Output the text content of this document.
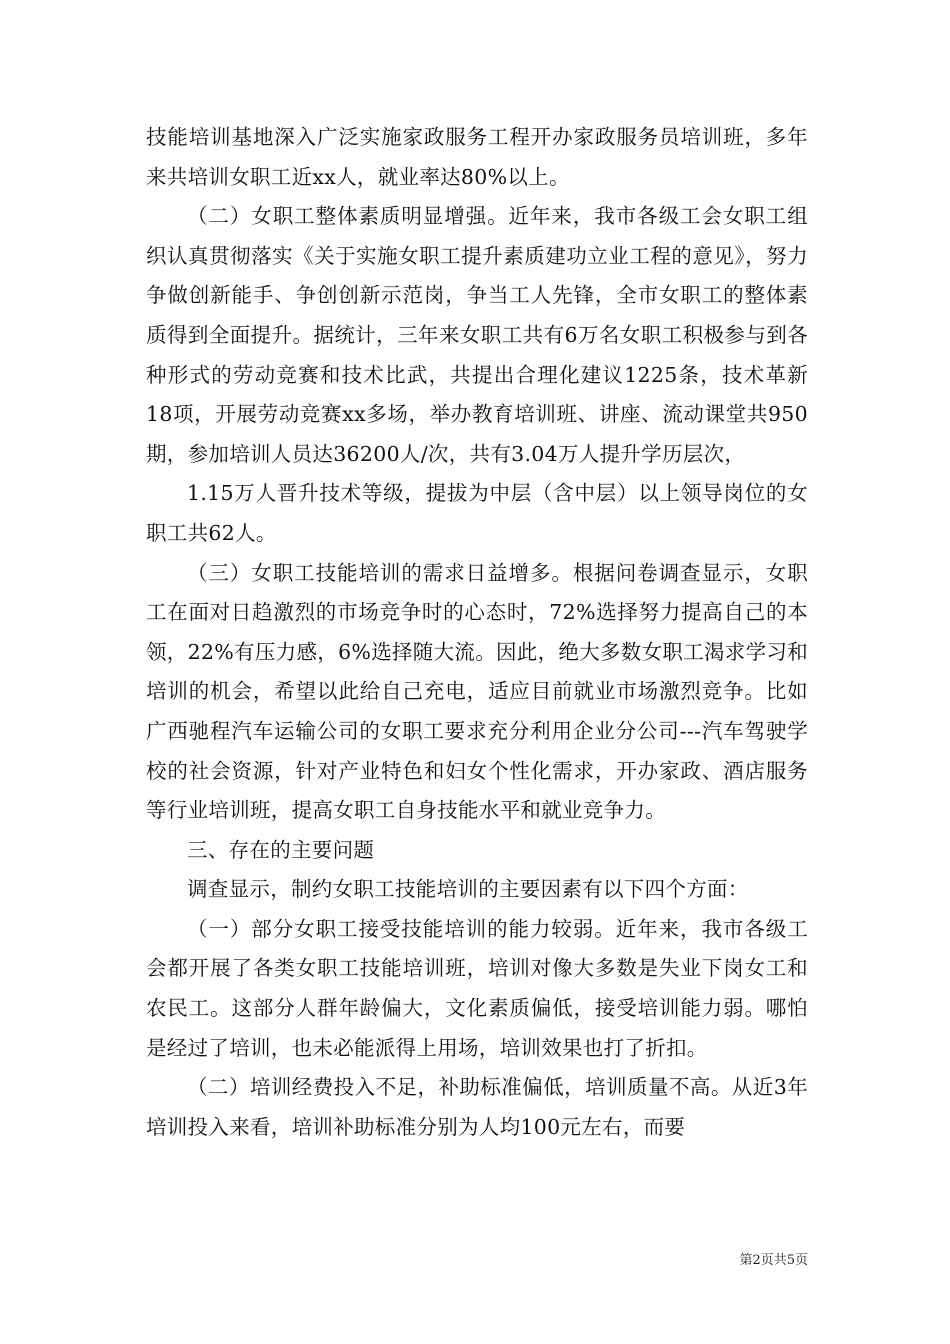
技能培训基地深入广泛实施家政服务工程开办家政服务员培训班，多年来共培训女职工近xx人，就业率达80%以上。

（二）女职工整体素质明显增强。近年来，我市各级工会女职工组织认真贯彻落实《关于实施女职工提升素质建功立业工程的意见》，努力争做创新能手、争创创新示范岗，争当工人先锋，全市女职工的整体素质得到全面提升。据统计，三年来女职工共有6万名女职工积极参与到各种形式的劳动竞赛和技术比武，共提出合理化建议1225条，技术革新18项，开展劳动竞赛xx多场，举办教育培训班、讲座、流动课堂共950期，参加培训人员达36200人/次，共有3.04万人提升学历层次，

1.15万人晋升技术等级，提拔为中层（含中层）以上领导岗位的女职工共62人。

（三）女职工技能培训的需求日益增多。根据问卷调查显示，女职工在面对日趋激烈的市场竞争时的心态时，72%选择努力提高自己的本领，22%有压力感，6%选择随大流。因此，绝大多数女职工渴求学习和培训的机会，希望以此给自己充电，适应目前就业市场激烈竞争。比如广西驰程汽车运输公司的女职工要求充分利用企业分公司---汽车驾驶学校的社会资源，针对产业特色和妇女个性化需求，开办家政、酒店服务等行业培训班，提高女职工自身技能水平和就业竞争力。

三、存在的主要问题

调查显示，制约女职工技能培训的主要因素有以下四个方面：

（一）部分女职工接受技能培训的能力较弱。近年来，我市各级工会都开展了各类女职工技能培训班，培训对像大多数是失业下岗女工和农民工。这部分人群年龄偏大，文化素质偏低，接受培训能力弱。哪怕是经过了培训，也未必能派得上用场，培训效果也打了折扣。

（二）培训经费投入不足，补助标准偏低，培训质量不高。从近3年培训投入来看，培训补助标准分别为人均100元左右，而要

第2页共5页
